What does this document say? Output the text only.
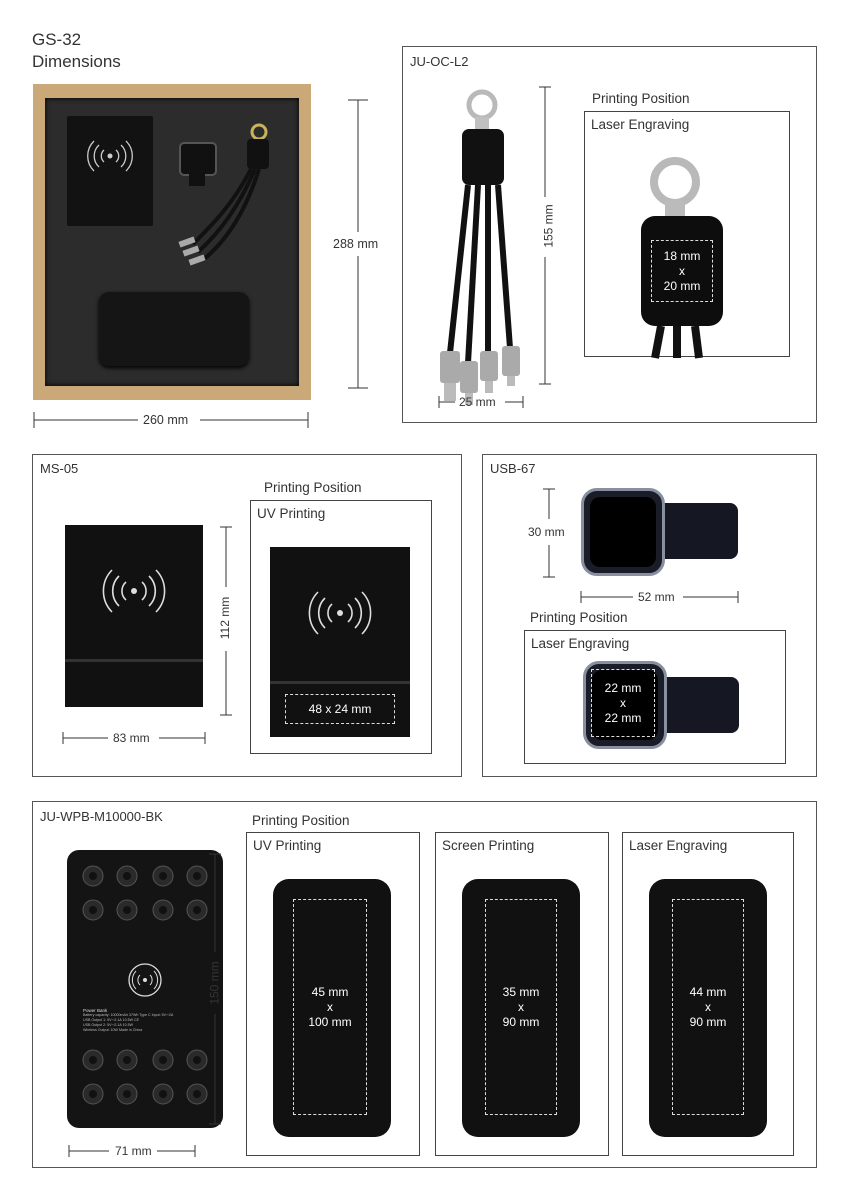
GS-32
Dimensions
288 mm
260 mm
JU-OC-L2
155 mm
25 mm
Printing Position
Laser Engraving
18 mm
x
20 mm
MS-05
112 mm
83 mm
Printing Position
UV Printing
48 x 24 mm
USB-67
30 mm
52 mm
Printing Position
Laser Engraving
22 mm
x
22 mm
JU-WPB-M10000-BK
Power Bank
Battery capacity: 10000mAh 37Wh Type C Input: 5V⎓2A
USB Output 1: 5V⎓2.1A 10.5W CE
USB Output 2: 5V⎓2.1A 10.5W
Wireless Output: 10W Made in China
150 mm
71 mm
Printing Position
UV Printing
45 mm
x
100 mm
Screen Printing
35 mm
x
90 mm
Laser Engraving
44 mm
x
90 mm
